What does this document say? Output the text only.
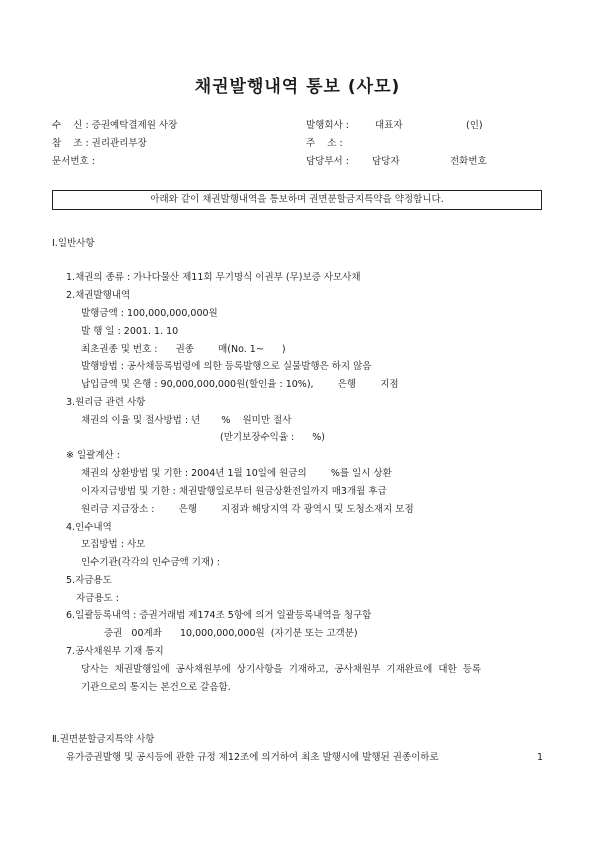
채권발행내역 통보 (사모)
수    신 : 증권예탁결제원 사장	발행회사 :	대표자	(인)
참    조 : 권리관리부장	주    소 :
문서번호 :	담당부서 : 담당자	전화번호
아래와 같이 채권발행내역을 통보하며 권면분할금지특약을 약정합니다.
Ⅰ.일반사항
1.채권의 종류 : 가나다물산 제11회 무기명식 이권부 (무)보증 사모사채
2.채권발행내역
발행금액 : 100,000,000,000원
발 행 일 : 2001. 1. 10
최초권종 및 번호 :      권종        매(No. 1~      )
발행방법 : 공사채등록법령에 의한 등록발행으로 실물발행은 하지 않음
납입금액 및 은행 : 90,000,000,000원(할인율 : 10%),        은행        지점
3.원리금 관련 사항
채권의 이율 및 절사방법 : 년       %    원미만 절사
(만기보장수익율 :      %)
※ 일괄계산 :
채권의 상환방법 및 기한 : 2004년 1월 10일에 원금의        %를 일시 상환
이자지급방법 및 기한 : 채권발행일로부터 원금상환전일까지 매3개월 후급
원리금 지급장소 :        은행        지점과 해당지역 각 광역시 및 도청소재지 모점
4.인수내역
모집방법 : 사모
인수기관(각각의 인수금액 기재) :
5.자금용도
자금용도 :
6.일괄등록내역 : 증권거래법 제174조 5항에 의거 일괄등록내역을 청구함
증권   00계좌      10,000,000,000원  (자기분 또는 고객분)
7.공사채원부 기재 통지
당사는  채권발행일에  공사채원부에  상기사항을  기재하고,  공사채원부  기재완료에  대한  등록
기관으로의 통지는 본건으로 갈음함.
Ⅱ.권면분할금지특약 사항
유가증권발행 및 공시등에 관한 규정 제12조에 의거하여 최초 발행시에 발행된 권종이하로	1
